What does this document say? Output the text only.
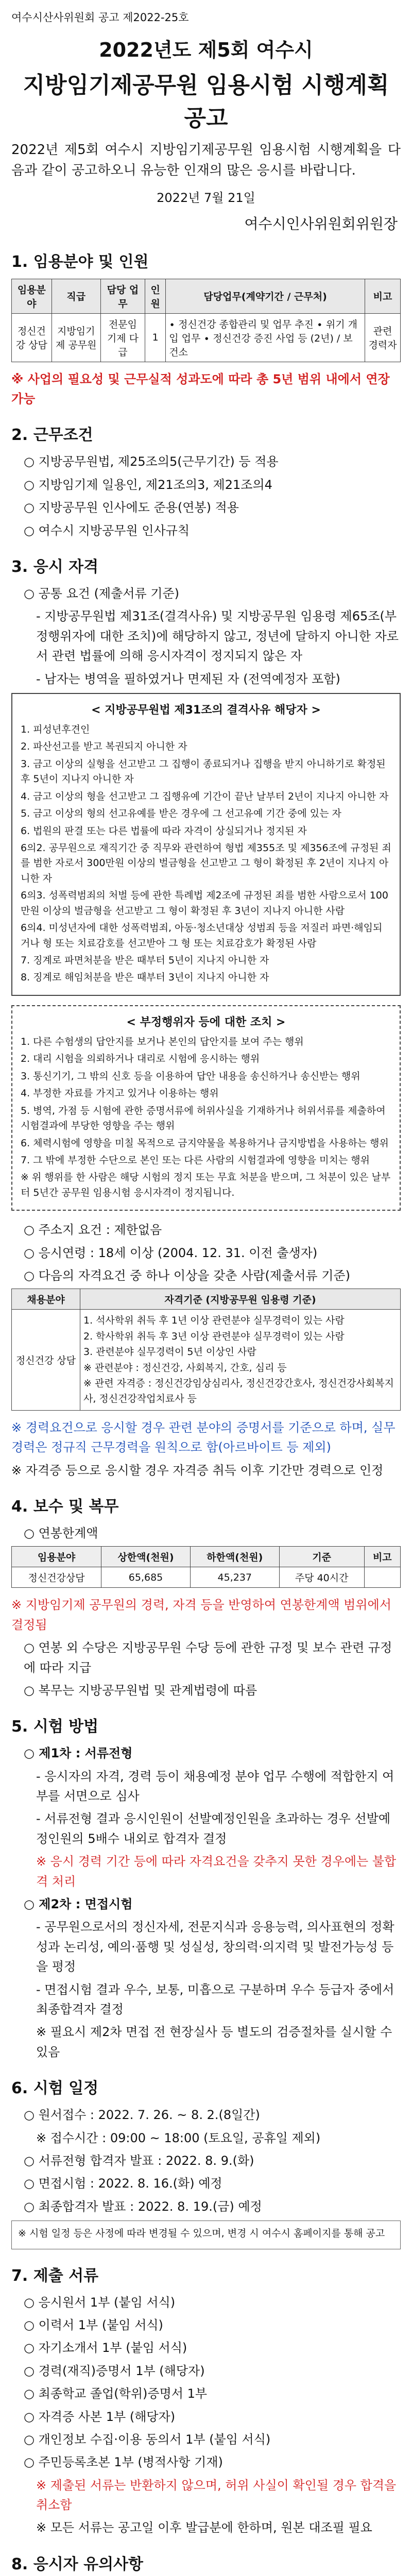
여수시산사위원회 공고 제2022-25호
2022년도 제5회 여수시
지방임기제공무원 임용시험 시행계획 공고

2022년 제5회 여수시 지방임기제공무원 임용시험 시행계획을 다음과 같이 공고하오니 유능한 인재의 많은 응시를 바랍니다.

2022년 7월 21일
여수시인사위원회위원장
1. 임용분야 및 인원
임용분야	직급	담당 업무	인원	담당업무(계약기간 / 근무처)	비고
정신건강 상담	지방임기제 공무원	전문임기제 다급	1	∙ 정신건강 종합관리 및 업무 추진 ∙ 위기 개입 업무 ∙ 정신건강 증진 사업 등 (2년) / 보건소	관련 경력자

※ 사업의 필요성 및 근무실적 성과도에 따라 총 5년 범위 내에서 연장 가능

2. 근무조건

○ 지방공무원법, 제25조의5(근무기간) 등 적용

○ 지방임기제 일용인, 제21조의3, 제21조의4

○ 지방공무원 인사에도 준용(연봉) 적용

○ 여수시 지방공무원 인사규칙

3. 응시 자격

○ 공통 요건 (제출서류 기준)

- 지방공무원법 제31조(결격사유) 및 지방공무원 임용령 제65조(부정행위자에 대한 조치)에 해당하지 않고, 정년에 달하지 아니한 자로서 관련 법률에 의해 응시자격이 정지되지 않은 자

- 남자는 병역을 필하였거나 면제된 자 (전역예정자 포함)

< 지방공무원법 제31조의 결격사유 해당자 >

1. 피성년후견인

2. 파산선고를 받고 복권되지 아니한 자

3. 금고 이상의 실형을 선고받고 그 집행이 종료되거나 집행을 받지 아니하기로 확정된 후 5년이 지나지 아니한 자

4. 금고 이상의 형을 선고받고 그 집행유예 기간이 끝난 날부터 2년이 지나지 아니한 자

5. 금고 이상의 형의 선고유예를 받은 경우에 그 선고유예 기간 중에 있는 자

6. 법원의 판결 또는 다른 법률에 따라 자격이 상실되거나 정지된 자

6의2. 공무원으로 재직기간 중 직무와 관련하여 형법 제355조 및 제356조에 규정된 죄를 범한 자로서 300만원 이상의 벌금형을 선고받고 그 형이 확정된 후 2년이 지나지 아니한 자

6의3. 성폭력범죄의 처벌 등에 관한 특례법 제2조에 규정된 죄를 범한 사람으로서 100만원 이상의 벌금형을 선고받고 그 형이 확정된 후 3년이 지나지 아니한 사람

6의4. 미성년자에 대한 성폭력범죄, 아동·청소년대상 성범죄 등을 저질러 파면·해임되거나 형 또는 치료감호를 선고받아 그 형 또는 치료감호가 확정된 사람

7. 징계로 파면처분을 받은 때부터 5년이 지나지 아니한 자

8. 징계로 해임처분을 받은 때부터 3년이 지나지 아니한 자

< 부정행위자 등에 대한 조치 >

1. 다른 수험생의 답안지를 보거나 본인의 답안지를 보여 주는 행위

2. 대리 시험을 의뢰하거나 대리로 시험에 응시하는 행위

3. 통신기기, 그 밖의 신호 등을 이용하여 답안 내용을 송신하거나 송신받는 행위

4. 부정한 자료를 가지고 있거나 이용하는 행위

5. 병역, 가점 등 시험에 관한 증명서류에 허위사실을 기재하거나 허위서류를 제출하여 시험결과에 부당한 영향을 주는 행위

6. 체력시험에 영향을 미칠 목적으로 금지약물을 복용하거나 금지방법을 사용하는 행위

7. 그 밖에 부정한 수단으로 본인 또는 다른 사람의 시험결과에 영향을 미치는 행위

※ 위 행위를 한 사람은 해당 시험의 정지 또는 무효 처분을 받으며, 그 처분이 있은 날부터 5년간 공무원 임용시험 응시자격이 정지됩니다.

○ 주소지 요건 : 제한없음

○ 응시연령 : 18세 이상 (2004. 12. 31. 이전 출생자)

○ 다음의 자격요건 중 하나 이상을 갖춘 사람(제출서류 기준)

채용분야	자격기준 (지방공무원 임용령 기준)
정신건강 상담	1. 석사학위 취득 후 1년 이상 관련분야 실무경력이 있는 사람
2. 학사학위 취득 후 3년 이상 관련분야 실무경력이 있는 사람
3. 관련분야 실무경력이 5년 이상인 사람
※ 관련분야 : 정신건강, 사회복지, 간호, 심리 등
※ 관련 자격증 : 정신건강임상심리사, 정신건강간호사, 정신건강사회복지사, 정신건강작업치료사 등

※ 경력요건으로 응시할 경우 관련 분야의 증명서를 기준으로 하며, 실무경력은 정규직 근무경력을 원칙으로 함(아르바이트 등 제외)

※ 자격증 등으로 응시할 경우 자격증 취득 이후 기간만 경력으로 인정

4. 보수 및 복무

○ 연봉한계액

임용분야	상한액(천원)	하한액(천원)	기준	비고
정신건강상담	65,685	45,237	주당 40시간	

※ 지방임기제 공무원의 경력, 자격 등을 반영하여 연봉한계액 범위에서 결정됨

○ 연봉 외 수당은 지방공무원 수당 등에 관한 규정 및 보수 관련 규정에 따라 지급

○ 복무는 지방공무원법 및 관계법령에 따름

5. 시험 방법

○ 제1차 : 서류전형

- 응시자의 자격, 경력 등이 채용예정 분야 업무 수행에 적합한지 여부를 서면으로 심사

- 서류전형 결과 응시인원이 선발예정인원을 초과하는 경우 선발예정인원의 5배수 내외로 합격자 결정

※ 응시 경력 기간 등에 따라 자격요건을 갖추지 못한 경우에는 불합격 처리

○ 제2차 : 면접시험

- 공무원으로서의 정신자세, 전문지식과 응용능력, 의사표현의 정확성과 논리성, 예의·품행 및 성실성, 창의력·의지력 및 발전가능성 등을 평정

- 면접시험 결과 우수, 보통, 미흡으로 구분하며 우수 등급자 중에서 최종합격자 결정

※ 필요시 제2차 면접 전 현장실사 등 별도의 검증절차를 실시할 수 있음

6. 시험 일정

○ 원서접수 : 2022. 7. 26. ~ 8. 2.(8일간)

※ 접수시간 : 09:00 ~ 18:00 (토요일, 공휴일 제외)

○ 서류전형 합격자 발표 : 2022. 8. 9.(화)

○ 면접시험 : 2022. 8. 16.(화) 예정

○ 최종합격자 발표 : 2022. 8. 19.(금) 예정

※ 시험 일정 등은 사정에 따라 변경될 수 있으며, 변경 시 여수시 홈페이지를 통해 공고

7. 제출 서류

○ 응시원서 1부 (붙임 서식)

○ 이력서 1부 (붙임 서식)

○ 자기소개서 1부 (붙임 서식)

○ 경력(재직)증명서 1부 (해당자)

○ 최종학교 졸업(학위)증명서 1부

○ 자격증 사본 1부 (해당자)

○ 개인정보 수집·이용 동의서 1부 (붙임 서식)

○ 주민등록초본 1부 (병적사항 기재)

※ 제출된 서류는 반환하지 않으며, 허위 사실이 확인될 경우 합격을 취소함

※ 모든 서류는 공고일 이후 발급분에 한하며, 원본 대조필 필요

8. 응시자 유의사항
